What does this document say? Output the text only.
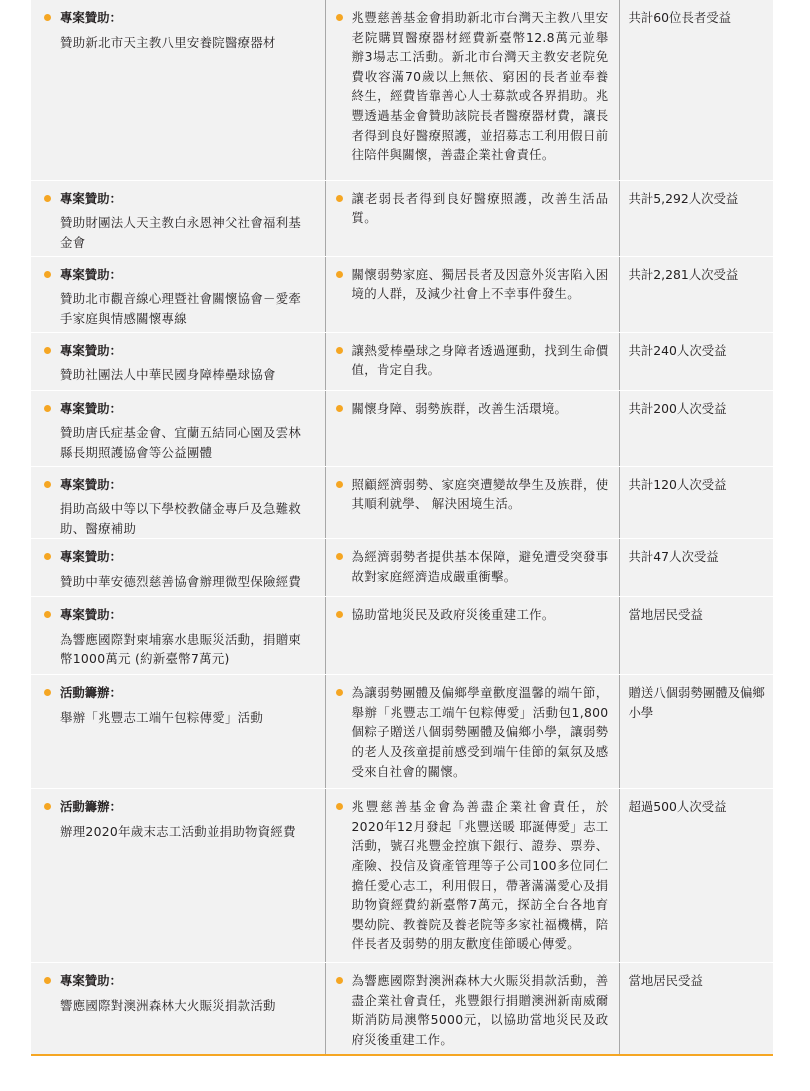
專案贊助：
贊助新北市天主教八里安養院醫療器材	兆豐慈善基金會捐助新北市台灣天主教八里安老院購買醫療器材經費新臺幣12.8萬元並舉辦3場志工活動。新北市台灣天主教安老院免費收容滿70歲以上無依、窮困的長者並奉養終生，經費皆靠善心人士募款或各界捐助。兆豐透過基金會贊助該院長者醫療器材費，讓長者得到良好醫療照護，並招募志工利用假日前往陪伴與關懷，善盡企業社會責任。	共計60位長者受益

專案贊助：
贊助財團法人天主教白永恩神父社會福利基金會	讓老弱長者得到良好醫療照護，改善生活品質。	共計5,292人次受益

專案贊助：
贊助北市觀音線心理暨社會關懷協會－愛牽手家庭與情感關懷專線	關懷弱勢家庭、獨居長者及因意外災害陷入困境的人群，及減少社會上不幸事件發生。	共計2,281人次受益

專案贊助：
贊助社團法人中華民國身障棒壘球協會	讓熱愛棒壘球之身障者透過運動，找到生命價值，肯定自我。	共計240人次受益

專案贊助：
贊助唐氏症基金會、宜蘭五結同心園及雲林縣長期照護協會等公益團體	關懷身障、弱勢族群，改善生活環境。	共計200人次受益

專案贊助：
捐助高級中等以下學校教儲金專戶及急難救助、醫療補助	照顧經濟弱勢、家庭突遭變故學生及族群，使其順利就學、 解決困境生活。	共計120人次受益

專案贊助：
贊助中華安德烈慈善協會辦理微型保險經費	為經濟弱勢者提供基本保障，避免遭受突發事故對家庭經濟造成嚴重衝擊。	共計47人次受益

專案贊助：
為響應國際對柬埔寨水患賑災活動，捐贈柬幣1000萬元 (約新臺幣7萬元)	協助當地災民及政府災後重建工作。	當地居民受益

活動籌辦：
舉辦「兆豐志工端午包粽傳愛」活動	為讓弱勢團體及偏鄉學童歡度溫馨的端午節，舉辦「兆豐志工端午包粽傳愛」活動包1,800個粽子贈送八個弱勢團體及偏鄉小學，讓弱勢的老人及孩童提前感受到端午佳節的氣氛及感受來自社會的關懷。	贈送八個弱勢團體及偏鄉小學

活動籌辦：
辦理2020年歲末志工活動並捐助物資經費	兆豐慈善基金會為善盡企業社會責任，於2020年12月發起「兆豐送暖 耶誕傳愛」志工活動，號召兆豐金控旗下銀行、證券、票券、產險、投信及資產管理等子公司100多位同仁擔任愛心志工，利用假日，帶著滿滿愛心及捐助物資經費約新臺幣7萬元，探訪全台各地育嬰幼院、教養院及養老院等多家社福機構，陪伴長者及弱勢的朋友歡度佳節暖心傳愛。	超過500人次受益

專案贊助：
響應國際對澳洲森林大火賑災捐款活動	為響應國際對澳洲森林大火賑災捐款活動，善盡企業社會責任，兆豐銀行捐贈澳洲新南威爾斯消防局澳幣5000元，以協助當地災民及政府災後重建工作。	當地居民受益
